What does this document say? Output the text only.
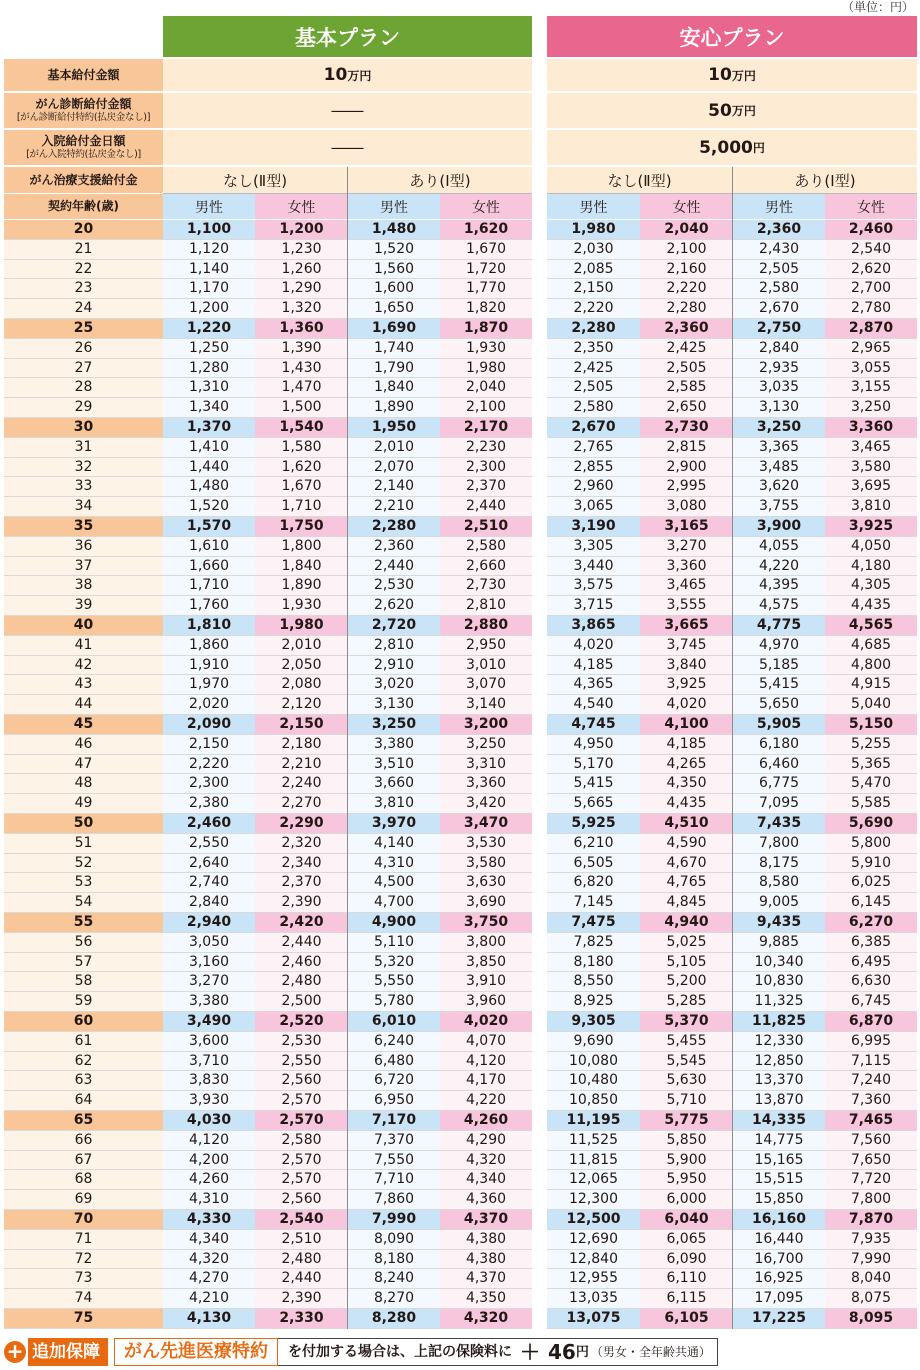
（単位：円）
基本プラン	安心プラン
基本給付金額	10 万円	10 万円
がん診断給付金額
[がん診断給付特約(払戻金なし)]	――	50 万円
入院給付金日額
[がん入院特約(払戻金なし)]	――	5,000 円
がん治療支援給付金	なし(Ⅱ型)	あり(Ⅰ型)	なし(Ⅱ型)	あり(Ⅰ型)
契約年齢(歳)	男性	女性	男性	女性	男性	女性	男性	女性
20	1,100	1,200	1,480	1,620	1,980	2,040	2,360	2,460
21	1,120	1,230	1,520	1,670	2,030	2,100	2,430	2,540
22	1,140	1,260	1,560	1,720	2,085	2,160	2,505	2,620
23	1,170	1,290	1,600	1,770	2,150	2,220	2,580	2,700
24	1,200	1,320	1,650	1,820	2,220	2,280	2,670	2,780
25	1,220	1,360	1,690	1,870	2,280	2,360	2,750	2,870
26	1,250	1,390	1,740	1,930	2,350	2,425	2,840	2,965
27	1,280	1,430	1,790	1,980	2,425	2,505	2,935	3,055
28	1,310	1,470	1,840	2,040	2,505	2,585	3,035	3,155
29	1,340	1,500	1,890	2,100	2,580	2,650	3,130	3,250
30	1,370	1,540	1,950	2,170	2,670	2,730	3,250	3,360
31	1,410	1,580	2,010	2,230	2,765	2,815	3,365	3,465
32	1,440	1,620	2,070	2,300	2,855	2,900	3,485	3,580
33	1,480	1,670	2,140	2,370	2,960	2,995	3,620	3,695
34	1,520	1,710	2,210	2,440	3,065	3,080	3,755	3,810
35	1,570	1,750	2,280	2,510	3,190	3,165	3,900	3,925
36	1,610	1,800	2,360	2,580	3,305	3,270	4,055	4,050
37	1,660	1,840	2,440	2,660	3,440	3,360	4,220	4,180
38	1,710	1,890	2,530	2,730	3,575	3,465	4,395	4,305
39	1,760	1,930	2,620	2,810	3,715	3,555	4,575	4,435
40	1,810	1,980	2,720	2,880	3,865	3,665	4,775	4,565
41	1,860	2,010	2,810	2,950	4,020	3,745	4,970	4,685
42	1,910	2,050	2,910	3,010	4,185	3,840	5,185	4,800
43	1,970	2,080	3,020	3,070	4,365	3,925	5,415	4,915
44	2,020	2,120	3,130	3,140	4,540	4,020	5,650	5,040
45	2,090	2,150	3,250	3,200	4,745	4,100	5,905	5,150
46	2,150	2,180	3,380	3,250	4,950	4,185	6,180	5,255
47	2,220	2,210	3,510	3,310	5,170	4,265	6,460	5,365
48	2,300	2,240	3,660	3,360	5,415	4,350	6,775	5,470
49	2,380	2,270	3,810	3,420	5,665	4,435	7,095	5,585
50	2,460	2,290	3,970	3,470	5,925	4,510	7,435	5,690
51	2,550	2,320	4,140	3,530	6,210	4,590	7,800	5,800
52	2,640	2,340	4,310	3,580	6,505	4,670	8,175	5,910
53	2,740	2,370	4,500	3,630	6,820	4,765	8,580	6,025
54	2,840	2,390	4,700	3,690	7,145	4,845	9,005	6,145
55	2,940	2,420	4,900	3,750	7,475	4,940	9,435	6,270
56	3,050	2,440	5,110	3,800	7,825	5,025	9,885	6,385
57	3,160	2,460	5,320	3,850	8,180	5,105	10,340	6,495
58	3,270	2,480	5,550	3,910	8,550	5,200	10,830	6,630
59	3,380	2,500	5,780	3,960	8,925	5,285	11,325	6,745
60	3,490	2,520	6,010	4,020	9,305	5,370	11,825	6,870
61	3,600	2,530	6,240	4,070	9,690	5,455	12,330	6,995
62	3,710	2,550	6,480	4,120	10,080	5,545	12,850	7,115
63	3,830	2,560	6,720	4,170	10,480	5,630	13,370	7,240
64	3,930	2,570	6,950	4,220	10,850	5,710	13,870	7,360
65	4,030	2,570	7,170	4,260	11,195	5,775	14,335	7,465
66	4,120	2,580	7,370	4,290	11,525	5,850	14,775	7,560
67	4,200	2,570	7,550	4,320	11,815	5,900	15,165	7,650
68	4,260	2,570	7,710	4,340	12,065	5,950	15,515	7,720
69	4,310	2,560	7,860	4,360	12,300	6,000	15,850	7,800
70	4,330	2,540	7,990	4,370	12,500	6,040	16,160	7,870
71	4,340	2,510	8,090	4,380	12,690	6,065	16,440	7,935
72	4,320	2,480	8,180	4,380	12,840	6,090	16,700	7,990
73	4,270	2,440	8,240	4,370	12,955	6,110	16,925	8,040
74	4,210	2,390	8,270	4,350	13,035	6,115	17,095	8,075
75	4,130	2,330	8,280	4,320	13,075	6,105	17,225	8,095
+ 追加保障	がん先進医療特約	を付加する場合は、上記の保険料に ＋ 46 円 （男女・全年齢共通）
